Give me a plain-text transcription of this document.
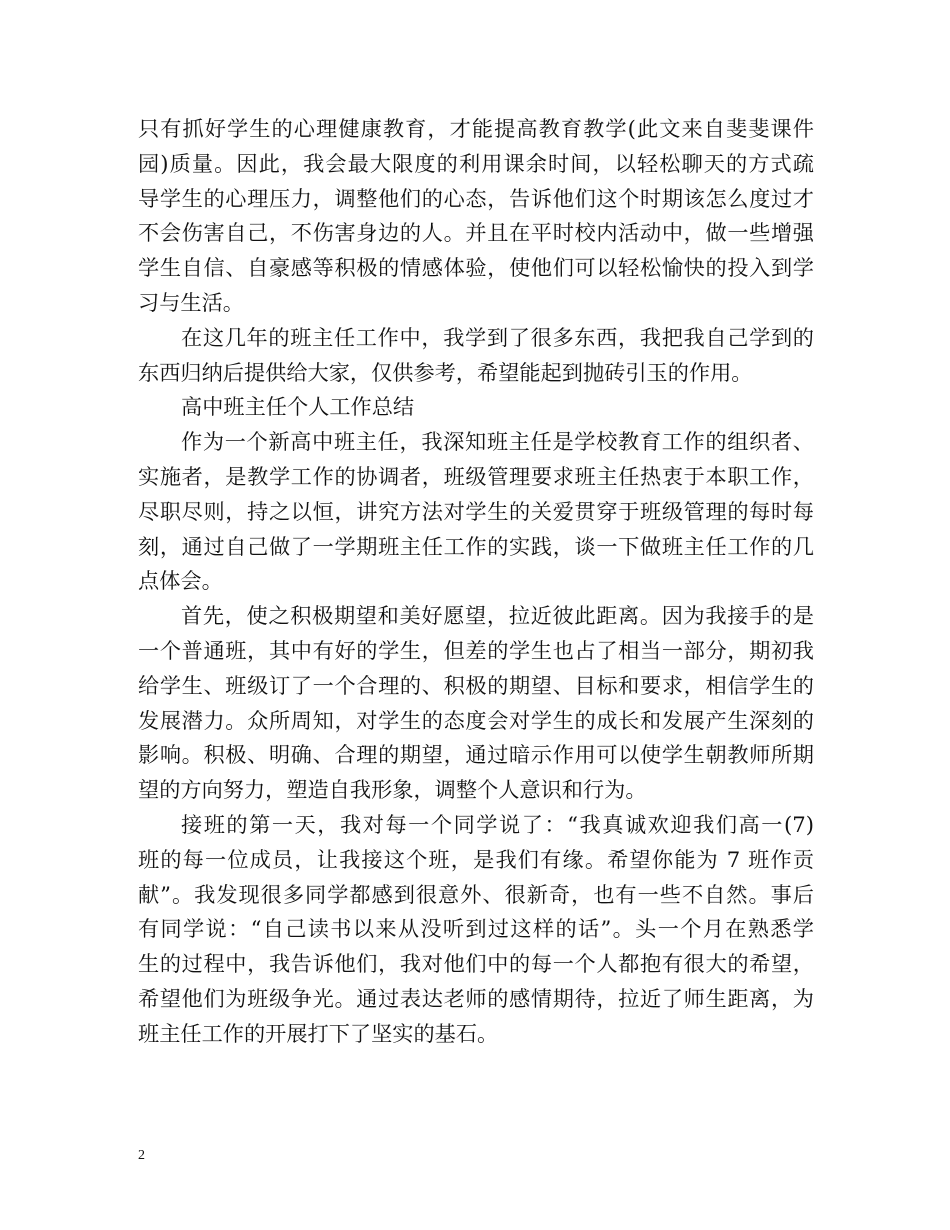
只有抓好学生的心理健康教育，才能提高教育教学(此文来自斐斐课件
园)质量。因此，我会最大限度的利用课余时间，以轻松聊天的方式疏
导学生的心理压力，调整他们的心态，告诉他们这个时期该怎么度过才
不会伤害自己，不伤害身边的人。并且在平时校内活动中，做一些增强
学生自信、自豪感等积极的情感体验，使他们可以轻松愉快的投入到学
习与生活。
在这几年的班主任工作中，我学到了很多东西，我把我自己学到的
东西归纳后提供给大家，仅供参考，希望能起到抛砖引玉的作用。
高中班主任个人工作总结
作为一个新高中班主任，我深知班主任是学校教育工作的组织者、
实施者，是教学工作的协调者，班级管理要求班主任热衷于本职工作，
尽职尽则，持之以恒，讲究方法对学生的关爱贯穿于班级管理的每时每
刻，通过自己做了一学期班主任工作的实践，谈一下做班主任工作的几
点体会。
首先，使之积极期望和美好愿望，拉近彼此距离。因为我接手的是
一个普通班，其中有好的学生，但差的学生也占了相当一部分，期初我
给学生、班级订了一个合理的、积极的期望、目标和要求，相信学生的
发展潜力。众所周知，对学生的态度会对学生的成长和发展产生深刻的
影响。积极、明确、合理的期望，通过暗示作用可以使学生朝教师所期
望的方向努力，塑造自我形象，调整个人意识和行为。
接班的第一天，我对每一个同学说了：“我真诚欢迎我们高一(7)
班的每一位成员，让我接这个班，是我们有缘。希望你能为 7 班作贡
献”。我发现很多同学都感到很意外、很新奇，也有一些不自然。事后
有同学说：“自己读书以来从没听到过这样的话”。头一个月在熟悉学
生的过程中，我告诉他们，我对他们中的每一个人都抱有很大的希望，
希望他们为班级争光。通过表达老师的感情期待，拉近了师生距离，为
班主任工作的开展打下了坚实的基石。
2
